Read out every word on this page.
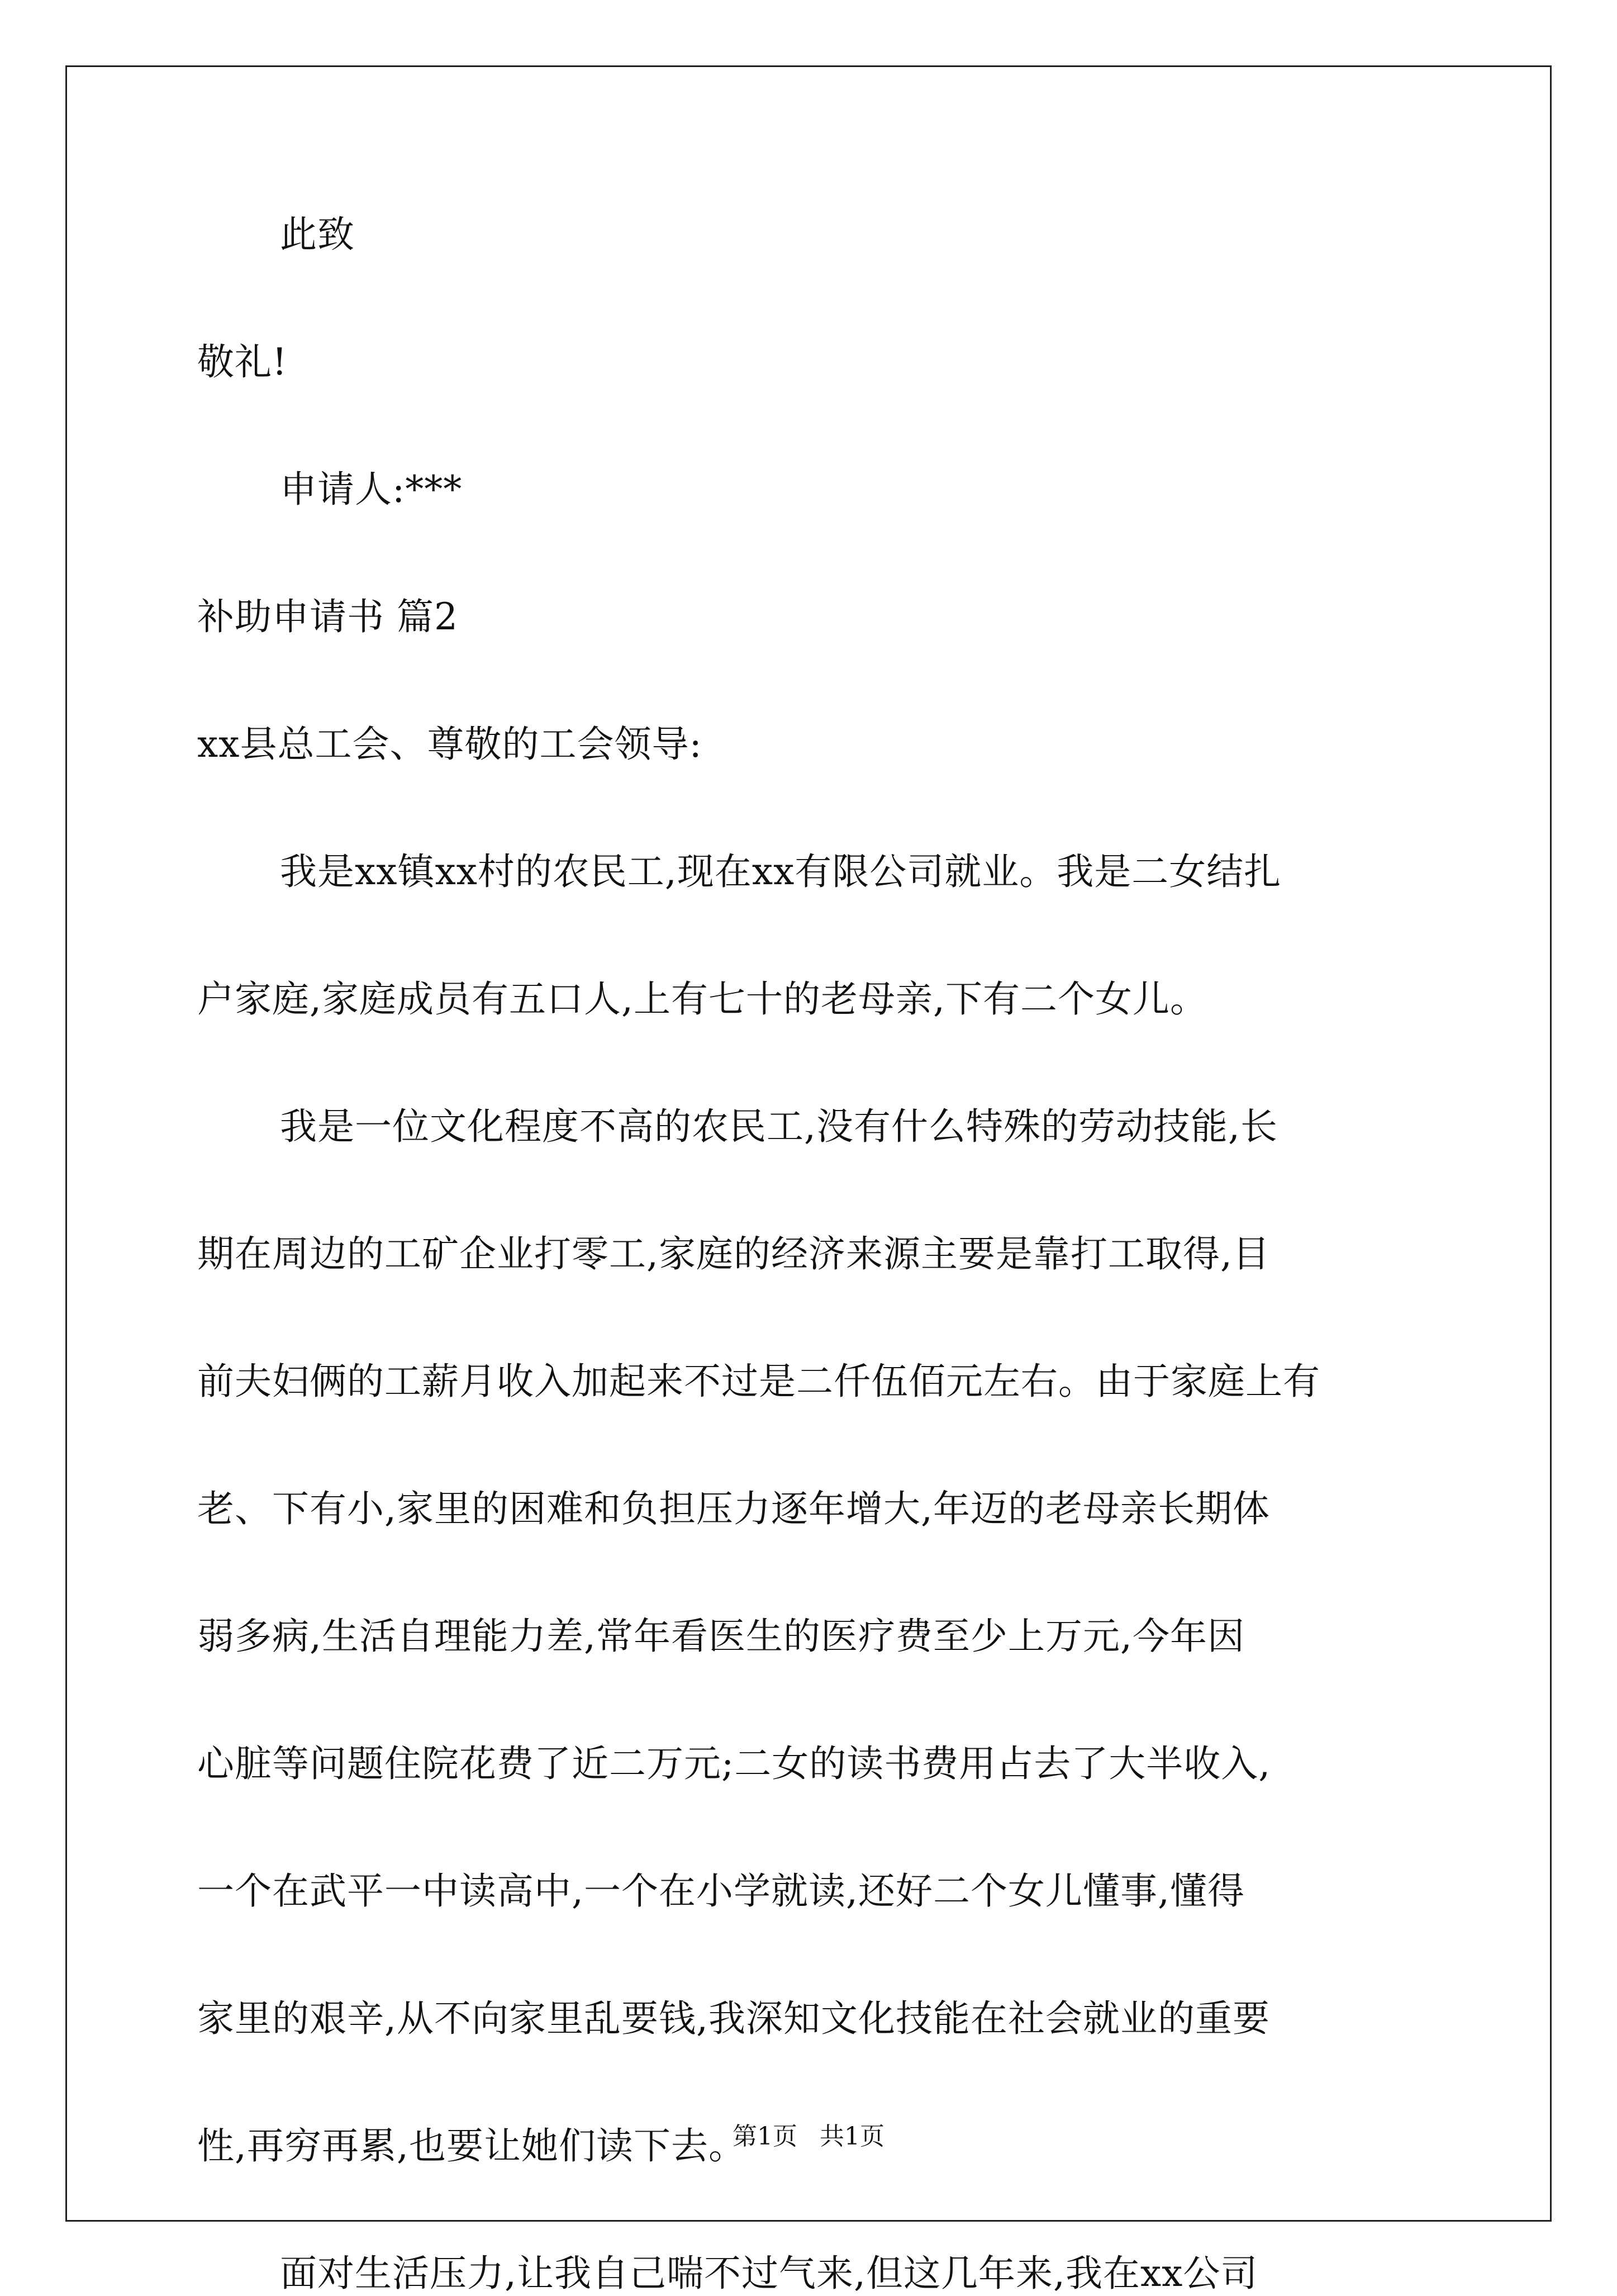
此致

敬礼!

申请人:***

补助申请书 篇2

xx县总工会、尊敬的工会领导:

我是xx镇xx村的农民工,现在xx有限公司就业。我是二女结扎
户家庭,家庭成员有五口人,上有七十的老母亲,下有二个女儿。
我是一位文化程度不高的农民工,没有什么特殊的劳动技能,长
期在周边的工矿企业打零工,家庭的经济来源主要是靠打工取得,目
前夫妇俩的工薪月收入加起来不过是二仟伍佰元左右。由于家庭上有
老、下有小,家里的困难和负担压力逐年增大,年迈的老母亲长期体
弱多病,生活自理能力差,常年看医生的医疗费至少上万元,今年因
心脏等问题住院花费了近二万元;二女的读书费用占去了大半收入,
一个在武平一中读高中,一个在小学就读,还好二个女儿懂事,懂得
家里的艰辛,从不向家里乱要钱,我深知文化技能在社会就业的重要
性,再穷再累,也要让她们读下去。
面对生活压力,让我自己喘不过气来,但这几年来,我在xx公司
第1页 共1页
